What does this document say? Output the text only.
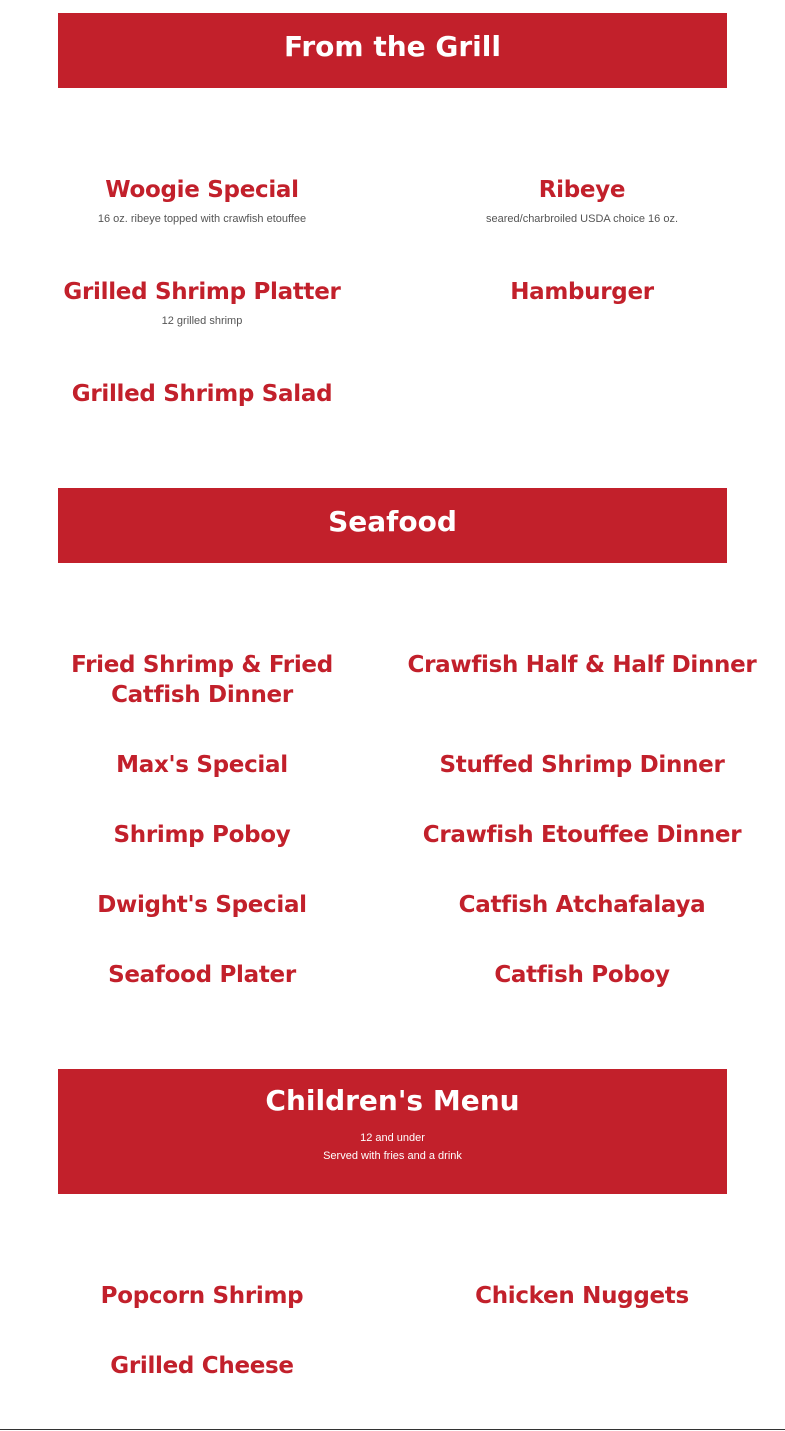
From the Grill
Woogie Special
16 oz. ribeye topped with crawfish etouffee
Ribeye
seared/charbroiled USDA choice 16 oz.
Grilled Shrimp Platter
12 grilled shrimp
Hamburger
Grilled Shrimp Salad
Seafood
Fried Shrimp & Fried Catfish Dinner
Crawfish Half & Half Dinner
Max's Special	Stuffed Shrimp Dinner
Shrimp Poboy	Crawfish Etouffee Dinner
Dwight's Special	Catfish Atchafalaya
Seafood Plater	Catfish Poboy
Children's Menu
12 and under
Served with fries and a drink
Popcorn Shrimp	Chicken Nuggets
Grilled Cheese
